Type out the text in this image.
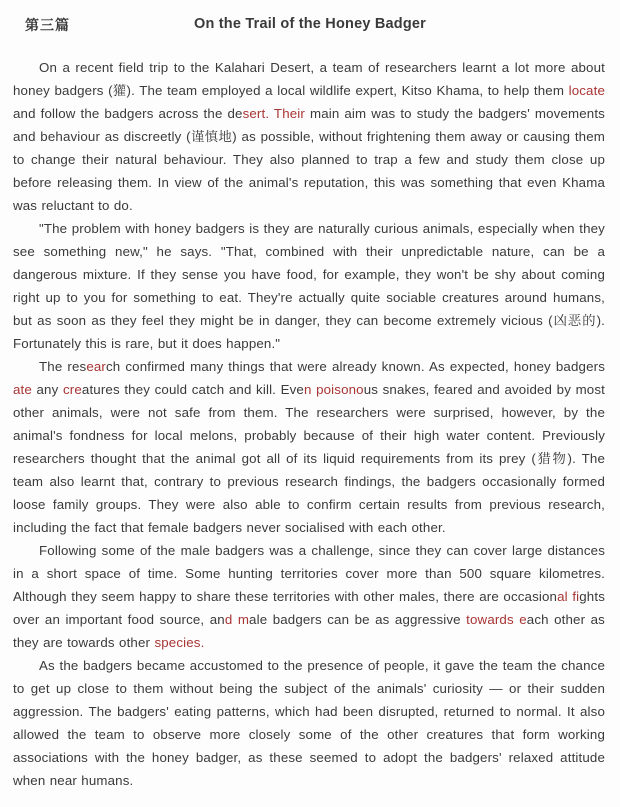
第三篇	On the Trail of the Honey Badger

On a recent field trip to the Kalahari Desert, a team of researchers learnt a lot more about honey badgers (獾). The team employed a local wildlife expert, Kitso Khama, to help them locate and follow the badgers across the desert. Their main aim was to study the badgers' movements and behaviour as discreetly (谨慎地) as possible, without frightening them away or causing them to change their natural behaviour. They also planned to trap a few and study them close up before releasing them. In view of the animal's reputation, this was something that even Khama was reluctant to do.

"The problem with honey badgers is they are naturally curious animals, especially when they see something new," he says. "That, combined with their unpredictable nature, can be a dangerous mixture. If they sense you have food, for example, they won't be shy about coming right up to you for something to eat. They're actually quite sociable creatures around humans, but as soon as they feel they might be in danger, they can become extremely vicious (凶恶的). Fortunately this is rare, but it does happen."

The research confirmed many things that were already known. As expected, honey badgers ate any creatures they could catch and kill. Even poisonous snakes, feared and avoided by most other animals, were not safe from them. The researchers were surprised, however, by the animal's fondness for local melons, probably because of their high water content. Previously researchers thought that the animal got all of its liquid requirements from its prey (猎物). The team also learnt that, contrary to previous research findings, the badgers occasionally formed loose family groups. They were also able to confirm certain results from previous research, including the fact that female badgers never socialised with each other.

Following some of the male badgers was a challenge, since they can cover large distances in a short space of time. Some hunting territories cover more than 500 square kilometres. Although they seem happy to share these territories with other males, there are occasional fights over an important food source, and male badgers can be as aggressive towards each other as they are towards other species.

As the badgers became accustomed to the presence of people, it gave the team the chance to get up close to them without being the subject of the animals' curiosity — or their sudden aggression. The badgers' eating patterns, which had been disrupted, returned to normal. It also allowed the team to observe more closely some of the other creatures that form working associations with the honey badger, as these seemed to adopt the badgers' relaxed attitude when near humans.
